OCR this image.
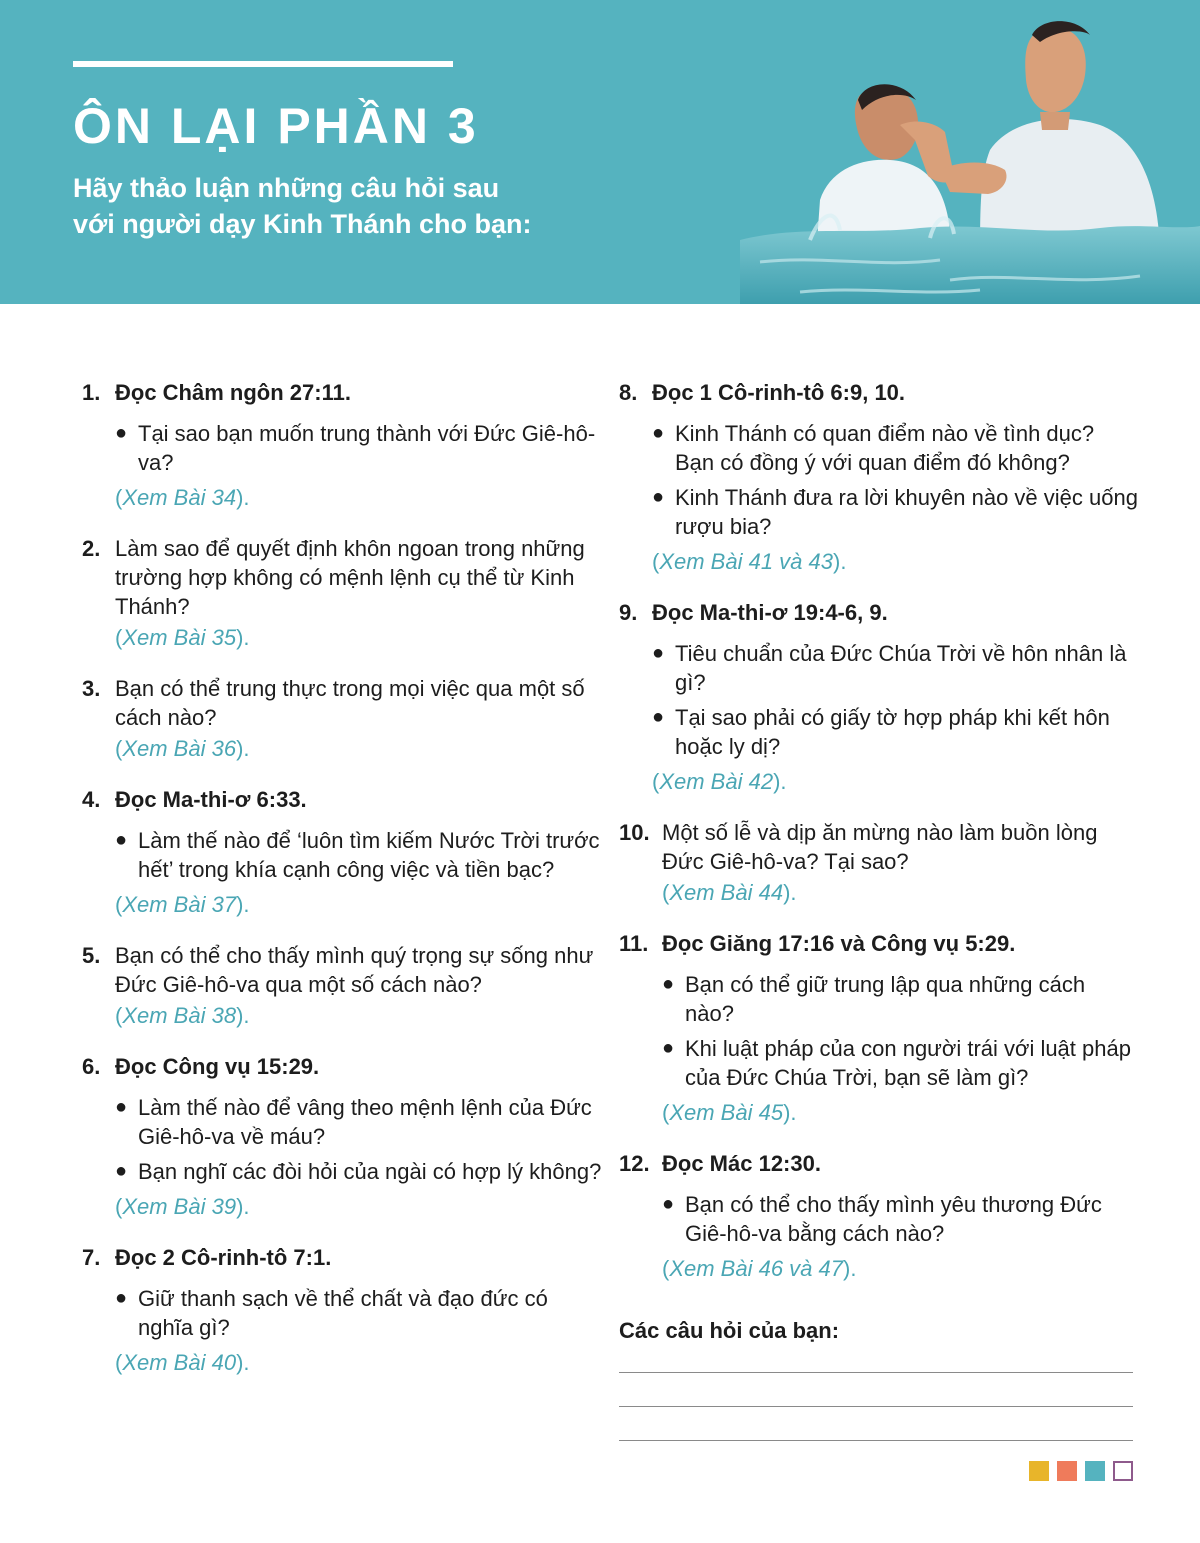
ÔN LẠI PHẦN 3

Hãy thảo luận những câu hỏi sau với người dạy Kinh Thánh cho bạn:

1. Đọc Châm ngôn 27:11.

● Tại sao bạn muốn trung thành với Đức Giê-hô-va?

(Xem Bài 34).

2. Làm sao để quyết định khôn ngoan trong những trường hợp không có mệnh lệnh cụ thể từ Kinh Thánh?

(Xem Bài 35).

3. Bạn có thể trung thực trong mọi việc qua một số cách nào?

(Xem Bài 36).

4. Đọc Ma-thi-ơ 6:33.

● Làm thế nào để ‘luôn tìm kiếm Nước Trời trước hết’ trong khía cạnh công việc và tiền bạc?

(Xem Bài 37).

5. Bạn có thể cho thấy mình quý trọng sự sống như Đức Giê-hô-va qua một số cách nào?

(Xem Bài 38).

6. Đọc Công vụ 15:29.

● Làm thế nào để vâng theo mệnh lệnh của Đức Giê-hô-va về máu?
● Bạn nghĩ các đòi hỏi của ngài có hợp lý không?

(Xem Bài 39).

7. Đọc 2 Cô-rinh-tô 7:1.

● Giữ thanh sạch về thể chất và đạo đức có nghĩa gì?

(Xem Bài 40).

8. Đọc 1 Cô-rinh-tô 6:9, 10.

● Kinh Thánh có quan điểm nào về tình dục? Bạn có đồng ý với quan điểm đó không?
● Kinh Thánh đưa ra lời khuyên nào về việc uống rượu bia?

(Xem Bài 41 và 43).

9. Đọc Ma-thi-ơ 19:4-6, 9.

● Tiêu chuẩn của Đức Chúa Trời về hôn nhân là gì?
● Tại sao phải có giấy tờ hợp pháp khi kết hôn hoặc ly dị?

(Xem Bài 42).

10. Một số lễ và dịp ăn mừng nào làm buồn lòng Đức Giê-hô-va? Tại sao?

(Xem Bài 44).

11. Đọc Giăng 17:16 và Công vụ 5:29.

● Bạn có thể giữ trung lập qua những cách nào?
● Khi luật pháp của con người trái với luật pháp của Đức Chúa Trời, bạn sẽ làm gì?

(Xem Bài 45).

12. Đọc Mác 12:30.

● Bạn có thể cho thấy mình yêu thương Đức Giê-hô-va bằng cách nào?

(Xem Bài 46 và 47).

Các câu hỏi của bạn:
